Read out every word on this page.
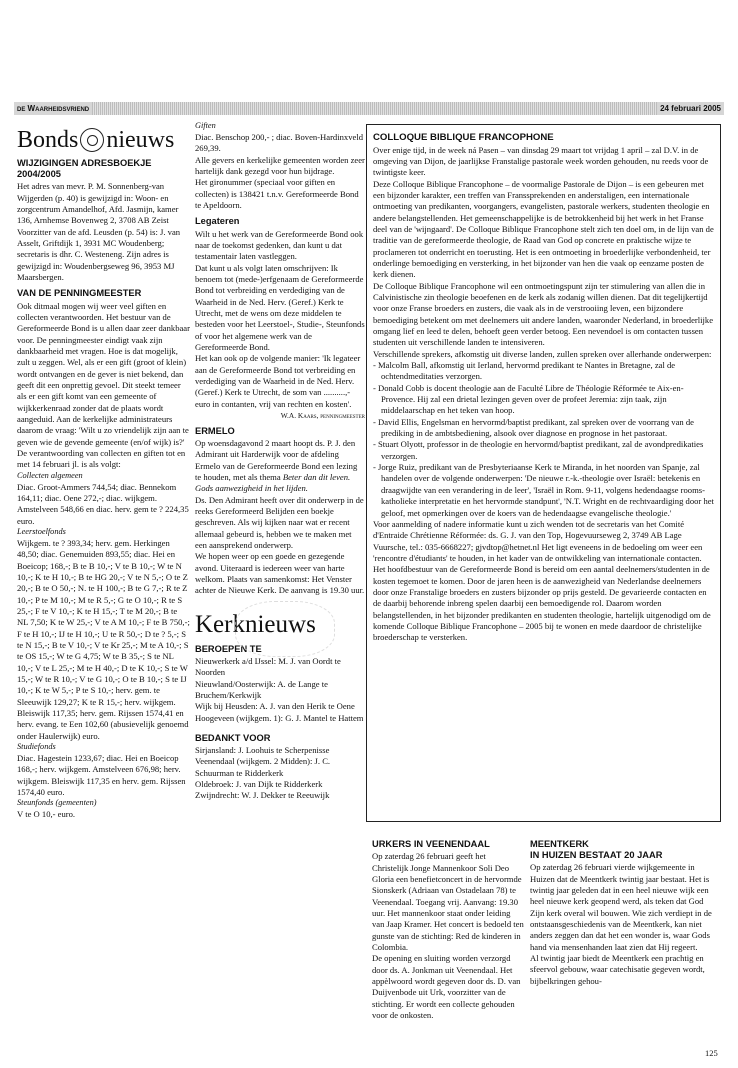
de Waarheidsvriend	24 februari 2005
Bonds nieuws
WIJZIGINGEN ADRESBOEKJE 2004/2005

Het adres van mevr. P. M. Sonnenberg-van Wijgerden (p. 40) is gewijzigd in: Woon- en zorgcentrum Amandelhof, Afd. Jasmijn, kamer 136, Arnhemse Bovenweg 2, 3708 AB Zeist

Voorzitter van de afd. Leusden (p. 54) is: J. van Asselt, Griftdijk 1, 3931 MC Woudenberg; secretaris is dhr. C. Westeneng. Zijn adres is gewijzigd in: Woudenbergseweg 96, 3953 MJ Maarsbergen.

VAN DE PENNINGMEESTER

Ook ditmaal mogen wij weer veel giften en collecten verantwoorden. Het bestuur van de Gereformeerde Bond is u allen daar zeer dankbaar voor. De penningmeester eindigt vaak zijn dankbaarheid met vragen. Hoe is dat mogelijk, zult u zeggen. Wel, als er een gift (groot of klein) wordt ontvangen en de gever is niet bekend, dan geeft dit een onprettig gevoel. Dit steekt temeer als er een gift komt van een gemeente of wijkkerkenraad zonder dat de plaats wordt aangeduid. Aan de kerkelijke administrateurs daarom de vraag: 'Wilt u zo vriendelijk zijn aan te geven wie de gevende gemeente (en/of wijk) is?'

De verantwoording van collecten en giften tot en met 14 februari jl. is als volgt:

Collecten algemeen

Diac. Groot-Ammers 744,54; diac. Bennekom 164,11; diac. Oene 272,-; diac. wijkgem. Amstelveen 548,66 en diac. herv. gem te ? 224,35 euro.

Leerstoelfonds

Wijkgem. te ? 393,34; herv. gem. Herkingen 48,50; diac. Genemuiden 893,55; diac. Hei en Boeicop; 168,-; B te B 10,-; V te B 10,-; W te N 10,-; K te H 10,-; B te HG 20,-; V te N 5,-; O te Z 20,-; B te O 50,-; N. te H 100,-; B te G 7,-; R te Z 10,-; P te M 10,-; M te R 5,-; G te O 10,-; R te S 25,-; F te V 10,-; K te H 15,-; T te M 20,-; B te NL 7,50; K te W 25,-; V te A M 10,-; F te B 750,-; F te H 10,-; IJ te H 10,-; U te R 50,-; D te ? 5,-; S te N 15,-; B te V 10,-; V te Kr 25,-; M te A 10,-; S te OS 15,-; W te G 4,75; W te B 35,-; S te NL 10,-; V te L 25,-; M te H 40,-; D te K 10,-; S te W 15,-; W te R 10,-; V te G 10,-; O te B 10,-; S te IJ 10,-; K te W 5,-; P te S 10,-; herv. gem. te Sleeuwijk 129,27; K te R 15,-; herv. wijkgem. Bleiswijk 117,35; herv. gem. Rijssen 1574,41 en herv. evang. te Een 102,60 (abusievelijk genoemd onder Haulerwijk) euro.

Studiefonds

Diac. Hagestein 1233,67; diac. Hei en Boeicop 168,-; herv. wijkgem. Amstelveen 676,98; herv. wijkgem. Bleiswijk 117,35 en herv. gem. Rijssen 1574,40 euro.

Steunfonds (gemeenten)

V te O 10,- euro.

Giften

Diac. Benschop 200,- ; diac. Boven-Hardinxveld 269,39.

Alle gevers en kerkelijke gemeenten worden zeer hartelijk dank gezegd voor hun bijdrage.

Het gironummer (speciaal voor giften en collecten) is 138421 t.n.v. Gereformeerde Bond te Apeldoorn.

Legateren

Wilt u het werk van de Gereformeerde Bond ook naar de toekomst gedenken, dan kunt u dat testamentair laten vastleggen.

Dat kunt u als volgt laten omschrijven: Ik benoem tot (mede-)erfgenaam de Gereformeerde Bond tot verbreiding en verdediging van de Waarheid in de Ned. Herv. (Geref.) Kerk te Utrecht, met de wens om deze middelen te besteden voor het Leerstoel-, Studie-, Steunfonds of voor het algemene werk van de Gereformeerde Bond.

Het kan ook op de volgende manier: 'Ik legateer aan de Gereformeerde Bond tot verbreiding en verdediging van de Waarheid in de Ned. Herv.(Geref.) Kerk te Utrecht, de som van ..........,- euro in contanten, vrij van rechten en kosten'.

W.A. Kaars, penningmeester

ERMELO

Op woensdagavond 2 maart hoopt ds. P. J. den Admirant uit Harderwijk voor de afdeling Ermelo van de Gereformeerde Bond een lezing te houden, met als thema Beter dan dit leven. Gods aanwezigheid in het lijden.

Ds. Den Admirant heeft over dit onderwerp in de reeks Gereformeerd Belijden een boekje geschreven. Als wij kijken naar wat er recent allemaal gebeurd is, hebben we te maken met een aansprekend onderwerp.

We hopen weer op een goede en gezegende avond. Uiteraard is iedereen weer van harte welkom. Plaats van samenkomst: Het Venster achter de Nieuwe Kerk. De aanvang is 19.30 uur.

Kerknieuws
BEROEPEN TE

Nieuwerkerk a/d IJssel: M. J. van Oordt te Noorden

Nieuwland/Oosterwijk: A. de Lange te Bruchem/Kerkwijk

Wijk bij Heusden: A. J. van den Herik te Oene

Hoogeveen (wijkgem. 1): G. J. Mantel te Hattem

BEDANKT VOOR

Sirjansland: J. Loohuis te Scherpenisse

Veenendaal (wijkgem. 2 Midden): J. C. Schuurman te Ridderkerk

Oldebroek: J. van Dijk te Ridderkerk

Zwijndrecht: W. J. Dekker te Reeuwijk

COLLOQUE BIBLIQUE FRANCOPHONE

Over enige tijd, in de week ná Pasen – van dinsdag 29 maart tot vrijdag 1 april – zal D.V. in de omgeving van Dijon, de jaarlijkse Franstalige pastorale week worden gehouden, nu reeds voor de twintigste keer.

Deze Colloque Biblique Francophone – de voormalige Pastorale de Dijon – is een gebeuren met een bijzonder karakter, een treffen van Franssprekenden en anderstaligen, een internationale ontmoeting van predikanten, voorgangers, evangelisten, pastorale werkers, studenten theologie en andere belangstellenden. Het gemeenschappelijke is de betrokkenheid bij het werk in het Franse deel van de 'wijngaard'. De Colloque Biblique Francophone stelt zich ten doel om, in de lijn van de traditie van de gereformeerde theologie, de Raad van God op concrete en praktische wijze te proclameren tot onderricht en toerusting. Het is een ontmoeting in broederlijke verbondenheid, ter onderlinge bemoediging en versterking, in het bijzonder van hen die vaak op eenzame posten de kerk dienen.

De Colloque Biblique Francophone wil een ontmoetingspunt zijn ter stimulering van allen die in Calvinistische zin theologie beoefenen en de kerk als zodanig willen dienen. Dat dit tegelijkertijd voor onze Franse broeders en zusters, die vaak als in de verstrooiing leven, een bijzondere bemoediging betekent om met deelnemers uit andere landen, waaronder Nederland, in broederlijke omgang lief en leed te delen, behoeft geen verder betoog. Een nevendoel is om contacten tussen studenten uit verschillende landen te intensiveren.

Verschillende sprekers, afkomstig uit diverse landen, zullen spreken over allerhande onderwerpen:

- Malcolm Ball, afkomstig uit Ierland, hervormd predikant te Nantes in Bretagne, zal de ochtendmeditaties verzorgen.

- Donald Cobb is docent theologie aan de Faculté Libre de Théologie Réformée te Aix-en-Provence. Hij zal een drietal lezingen geven over de profeet Jeremia: zijn taak, zijn middelaarschap en het teken van hoop.

- David Ellis, Engelsman en hervormd/baptist predikant, zal spreken over de voorrang van de prediking in de ambtsbediening, alsook over diagnose en prognose in het pastoraat.

- Stuart Olyott, professor in de theologie en hervormd/baptist predikant, zal de avondpredikaties verzorgen.

- Jorge Ruiz, predikant van de Presbyteriaanse Kerk te Miranda, in het noorden van Spanje, zal handelen over de volgende onderwerpen: 'De nieuwe r.-k.-theologie over Israël: betekenis en draagwijdte van een verandering in de leer', 'Israël in Rom. 9-11, volgens hedendaagse rooms-katholieke interpretatie en het hervormde standpunt', 'N.T. Wright en de rechtvaardiging door het geloof, met opmerkingen over de koers van de hedendaagse evangelische theologie.'

Voor aanmelding of nadere informatie kunt u zich wenden tot de secretaris van het Comité d'Entraide Chrétienne Réformée: ds. G. J. van den Top, Hogevuurseweg 2, 3749 AB Lage Vuursche, tel.: 035-6668227; gjvdtop@hetnet.nl Het ligt eveneens in de bedoeling om weer een 'rencontre d'étudiants' te houden, in het kader van de ontwikkeling van internationale contacten. Het hoofdbestuur van de Gereformeerde Bond is bereid om een aantal deelnemers/studenten in de kosten tegemoet te komen. Door de jaren heen is de aanwezigheid van Nederlandse deelnemers door onze Franstalige broeders en zusters bijzonder op prijs gesteld. De gevarieerde contacten en de daarbij behorende inbreng spelen daarbij een bemoedigende rol. Daarom worden belangstellenden, in het bijzonder predikanten en studenten theologie, hartelijk uitgenodigd om de komende Colloque Biblique Francophone – 2005 bij te wonen en mede daardoor de christelijke broederschap te versterken.

URKERS IN VEENENDAAL

Op zaterdag 26 februari geeft het Christelijk Jonge Mannenkoor Soli Deo Gloria een benefietconcert in de hervormde Sionskerk (Adriaan van Ostadelaan 78) te Veenendaal. Toegang vrij. Aanvang: 19.30 uur. Het mannenkoor staat onder leiding van Jaap Kramer. Het concert is bedoeld ten gunste van de stichting: Red de kinderen in Colombia.

De opening en sluiting worden verzorgd door ds. A. Jonkman uit Veenendaal. Het appèlwoord wordt gegeven door ds. D. van Duijvenbode uit Urk, voorzitter van de stichting. Er wordt een collecte gehouden voor de onkosten.

MEENTKERK
IN HUIZEN BESTAAT 20 JAAR

Op zaterdag 26 februari vierde wijkgemeente in Huizen dat de Meentkerk twintig jaar bestaat. Het is twintig jaar geleden dat in een heel nieuwe wijk een heel nieuwe kerk geopend werd, als teken dat God Zijn kerk overal wil bouwen. Wie zich verdiept in de ontstaansgeschiedenis van de Meentkerk, kan niet anders zeggen dan dat het een wonder is, waar Gods hand via mensenhanden laat zien dat Hij regeert.

Al twintig jaar biedt de Meentkerk een prachtig en sfeervol gebouw, waar catechisatie gegeven wordt, bijbelkringen gehou-

125
